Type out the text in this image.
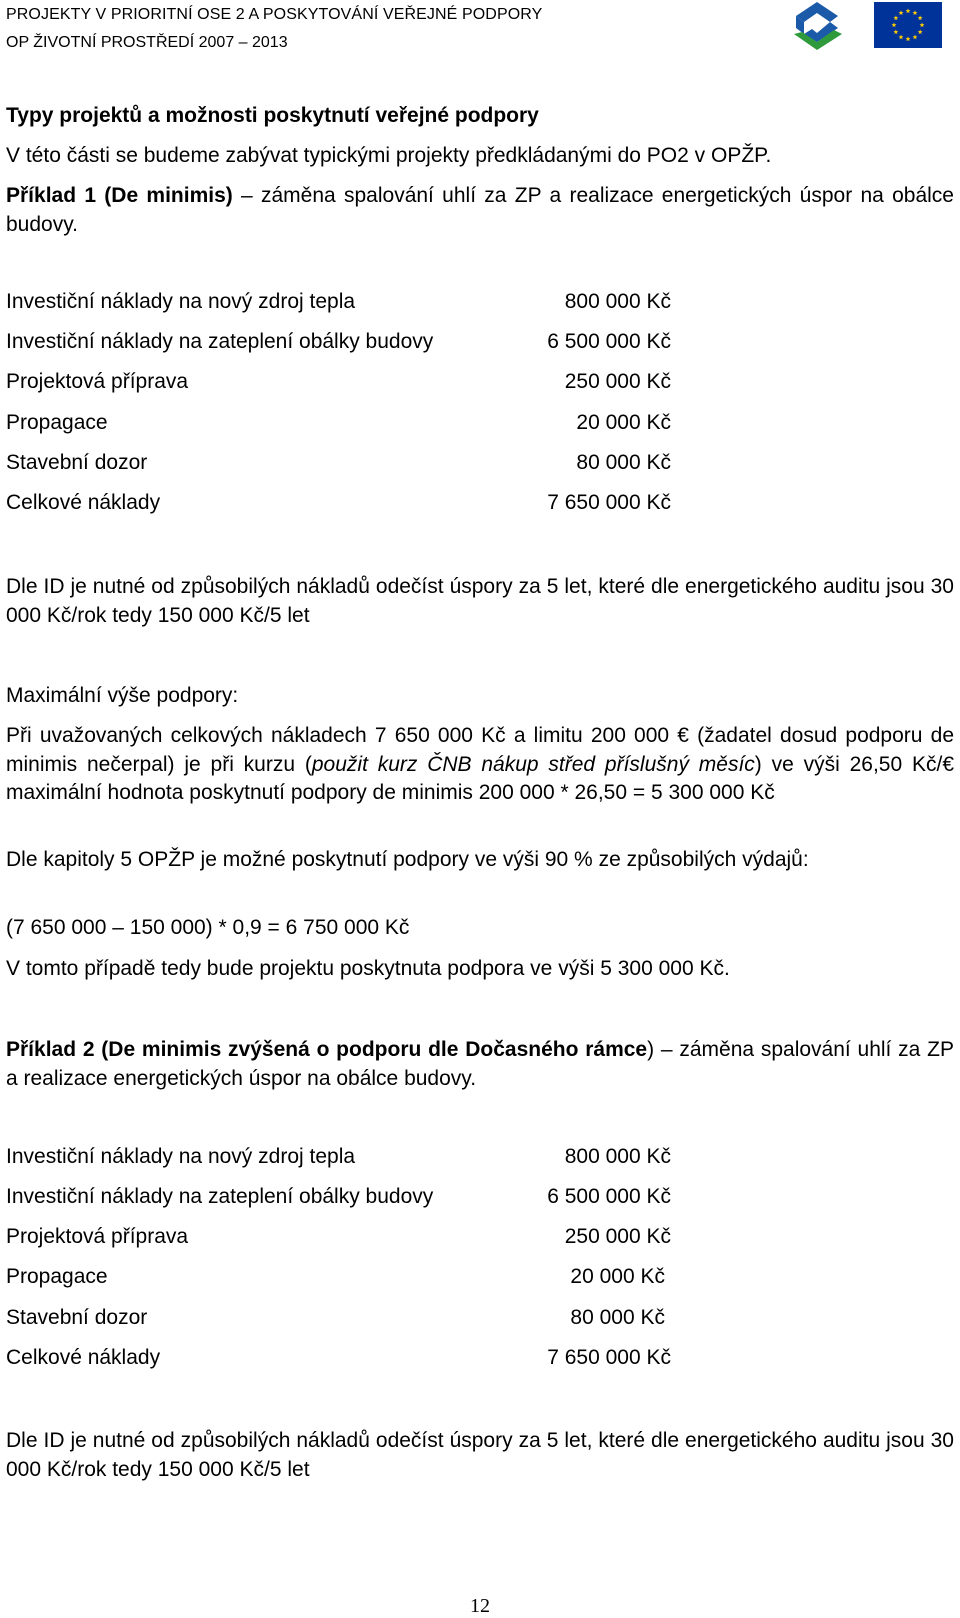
PROJEKTY V PRIORITNÍ OSE 2 A POSKYTOVÁNÍ VEŘEJNÉ PODPORY
OP ŽIVOTNÍ PROSTŘEDÍ 2007 – 2013
Typy projektů a možnosti poskytnutí veřejné podpory
V této části se budeme zabývat typickými projekty předkládanými do PO2 v OPŽP.
Příklad 1 (De minimis) – záměna spalování uhlí za ZP a realizace energetických úspor na obálce budovy.
Investiční náklady na nový zdroj tepla	800 000 Kč
Investiční náklady na zateplení obálky budovy	6 500 000 Kč
Projektová příprava	250 000 Kč
Propagace	20 000 Kč
Stavební dozor	80 000 Kč
Celkové náklady	7 650 000 Kč
Dle ID je nutné od způsobilých nákladů odečíst úspory za 5 let, které dle energetického auditu jsou 30 000 Kč/rok tedy 150 000 Kč/5 let
Maximální výše podpory:
Při uvažovaných celkových nákladech 7 650 000 Kč a limitu 200 000 € (žadatel dosud podporu de minimis nečerpal) je při kurzu (použit kurz ČNB nákup střed příslušný měsíc) ve výši 26,50 Kč/€ maximální hodnota poskytnutí podpory de minimis 200 000 * 26,50 = 5 300 000 Kč
Dle kapitoly 5 OPŽP je možné poskytnutí podpory ve výši 90 % ze způsobilých výdajů:
(7 650 000 – 150 000) * 0,9 = 6 750 000 Kč
V tomto případě tedy bude projektu poskytnuta podpora ve výši 5 300 000 Kč.
Příklad 2 (De minimis zvýšená o podporu dle Dočasného rámce) – záměna spalování uhlí za ZP a realizace energetických úspor na obálce budovy.
Investiční náklady na nový zdroj tepla	800 000 Kč
Investiční náklady na zateplení obálky budovy	6 500 000 Kč
Projektová příprava	250 000 Kč
Propagace	20 000 Kč
Stavební dozor	80 000 Kč
Celkové náklady	7 650 000 Kč
Dle ID je nutné od způsobilých nákladů odečíst úspory za 5 let, které dle energetického auditu jsou 30 000 Kč/rok tedy 150 000 Kč/5 let
12
